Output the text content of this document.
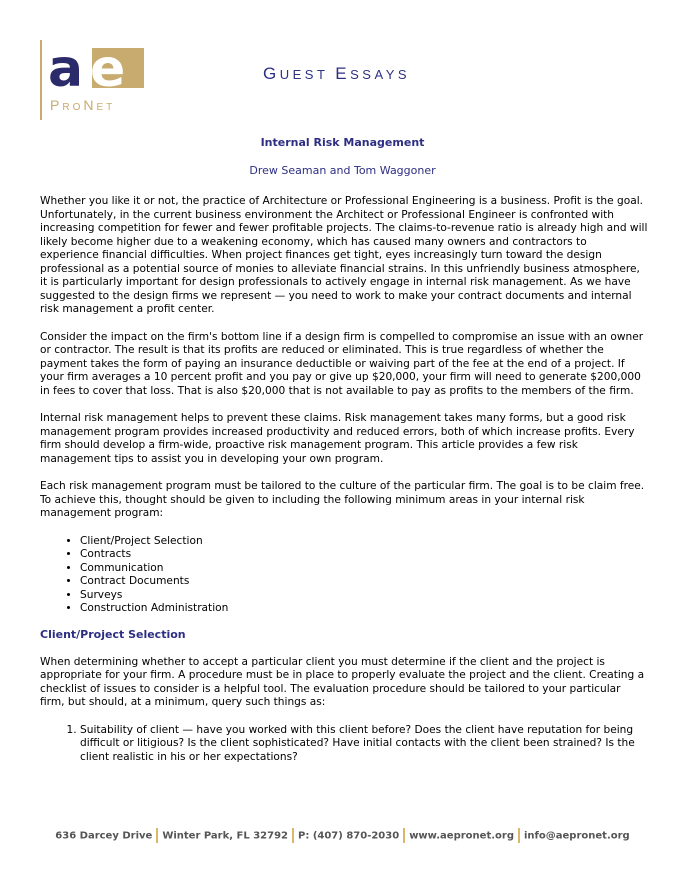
a e
PRONET
GUEST ESSAYS
Internal Risk Management
Drew Seaman and Tom Waggoner

Whether you like it or not, the practice of Architecture or Professional Engineering is a business. Profit is the goal. Unfortunately, in the current business environment the Architect or Professional Engineer is confronted with increasing competition for fewer and fewer profitable projects. The claims-to-revenue ratio is already high and will likely become higher due to a weakening economy, which has caused many owners and contractors to experience financial difficulties. When project finances get tight, eyes increasingly turn toward the design professional as a potential source of monies to alleviate financial strains. In this unfriendly business atmosphere, it is particularly important for design professionals to actively engage in internal risk management. As we have suggested to the design firms we represent — you need to work to make your contract documents and internal risk management a profit center.

Consider the impact on the firm's bottom line if a design firm is compelled to compromise an issue with an owner or contractor. The result is that its profits are reduced or eliminated. This is true regardless of whether the payment takes the form of paying an insurance deductible or waiving part of the fee at the end of a project. If your firm averages a 10 percent profit and you pay or give up $20,000, your firm will need to generate $200,000 in fees to cover that loss. That is also $20,000 that is not available to pay as profits to the members of the firm.

Internal risk management helps to prevent these claims. Risk management takes many forms, but a good risk management program provides increased productivity and reduced errors, both of which increase profits. Every firm should develop a firm-wide, proactive risk management program. This article provides a few risk management tips to assist you in developing your own program.

Each risk management program must be tailored to the culture of the particular firm. The goal is to be claim free. To achieve this, thought should be given to including the following minimum areas in your internal risk management program:

• Client/Project Selection
• Contracts
• Communication
• Contract Documents
• Surveys
• Construction Administration
Client/Project Selection

When determining whether to accept a particular client you must determine if the client and the project is appropriate for your firm. A procedure must be in place to properly evaluate the project and the client. Creating a checklist of issues to consider is a helpful tool. The evaluation procedure should be tailored to your particular firm, but should, at a minimum, query such things as:

1. Suitability of client — have you worked with this client before? Does the client have reputation for being difficult or litigious? Is the client sophisticated? Have initial contacts with the client been strained? Is the client realistic in his or her expectations?
636 Darcey Drive Winter Park, FL 32792 P: (407) 870-2030 www.aepronet.org info@aepronet.org
